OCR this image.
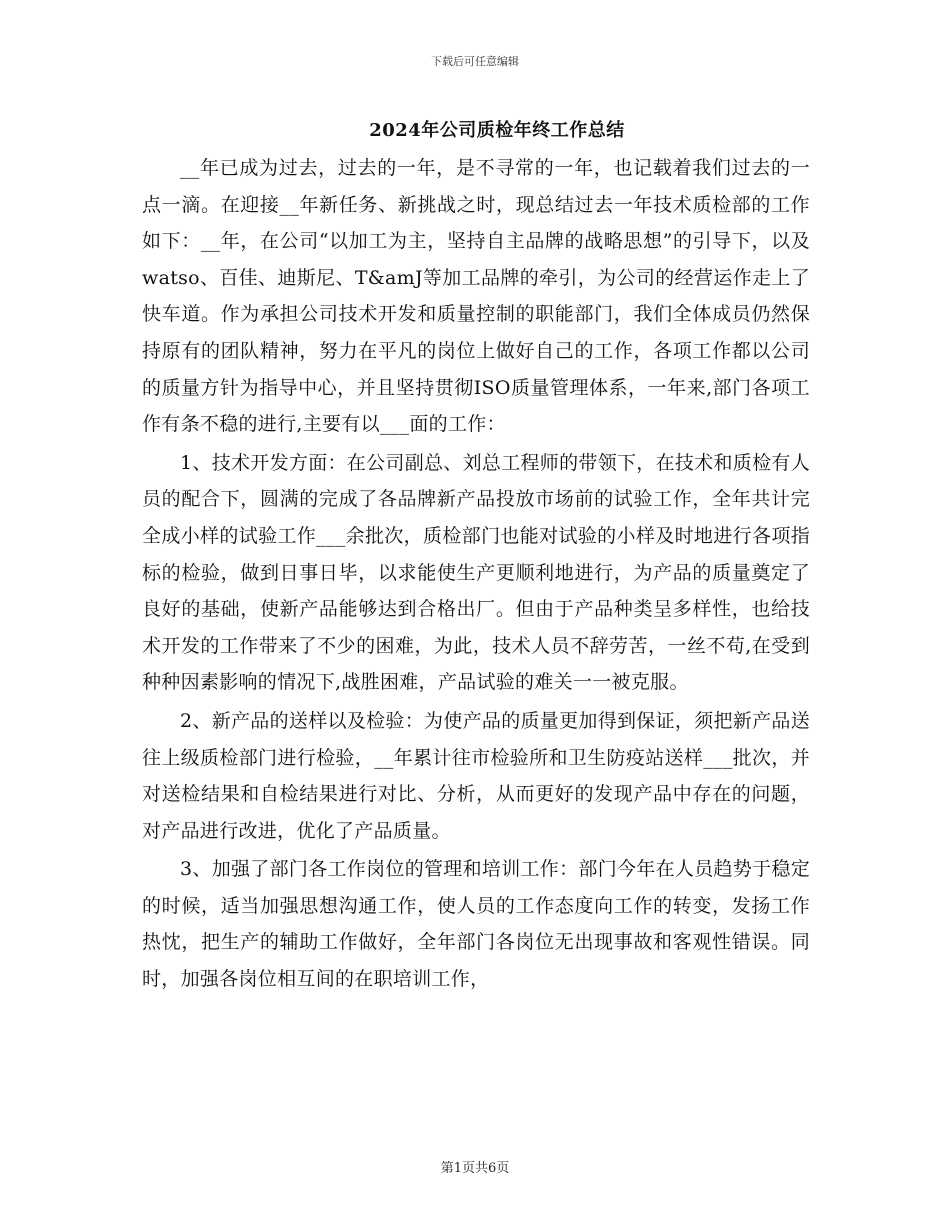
下载后可任意编辑
2024年公司质检年终工作总结

__年已成为过去，过去的一年，是不寻常的一年，也记载着我们过去的一点一滴。在迎接__年新任务、新挑战之时，现总结过去一年技术质检部的工作如下：__年，在公司“以加工为主，坚持自主品牌的战略思想”的引导下，以及watso、百佳、迪斯尼、T&amJ等加工品牌的牵引，为公司的经营运作走上了快车道。作为承担公司技术开发和质量控制的职能部门，我们全体成员仍然保持原有的团队精神，努力在平凡的岗位上做好自己的工作，各项工作都以公司的质量方针为指导中心，并且坚持贯彻ISO质量管理体系，一年来,部门各项工作有条不稳的进行,主要有以___面的工作：

1、技术开发方面：在公司副总、刘总工程师的带领下，在技术和质检有人员的配合下，圆满的完成了各品牌新产品投放市场前的试验工作，全年共计完全成小样的试验工作___余批次，质检部门也能对试验的小样及时地进行各项指标的检验，做到日事日毕，以求能使生产更顺利地进行，为产品的质量奠定了良好的基础，使新产品能够达到合格出厂。但由于产品种类呈多样性，也给技术开发的工作带来了不少的困难，为此，技术人员不辞劳苦，一丝不苟,在受到种种因素影响的情况下,战胜困难，产品试验的难关一一被克服。

2、新产品的送样以及检验：为使产品的质量更加得到保证，须把新产品送往上级质检部门进行检验，__年累计往市检验所和卫生防疫站送样___批次，并对送检结果和自检结果进行对比、分析，从而更好的发现产品中存在的问题，对产品进行改进，优化了产品质量。

3、加强了部门各工作岗位的管理和培训工作：部门今年在人员趋势于稳定的时候，适当加强思想沟通工作，使人员的工作态度向工作的转变，发扬工作热忱，把生产的辅助工作做好，全年部门各岗位无出现事故和客观性错误。同时，加强各岗位相互间的在职培训工作，

第1页共6页
